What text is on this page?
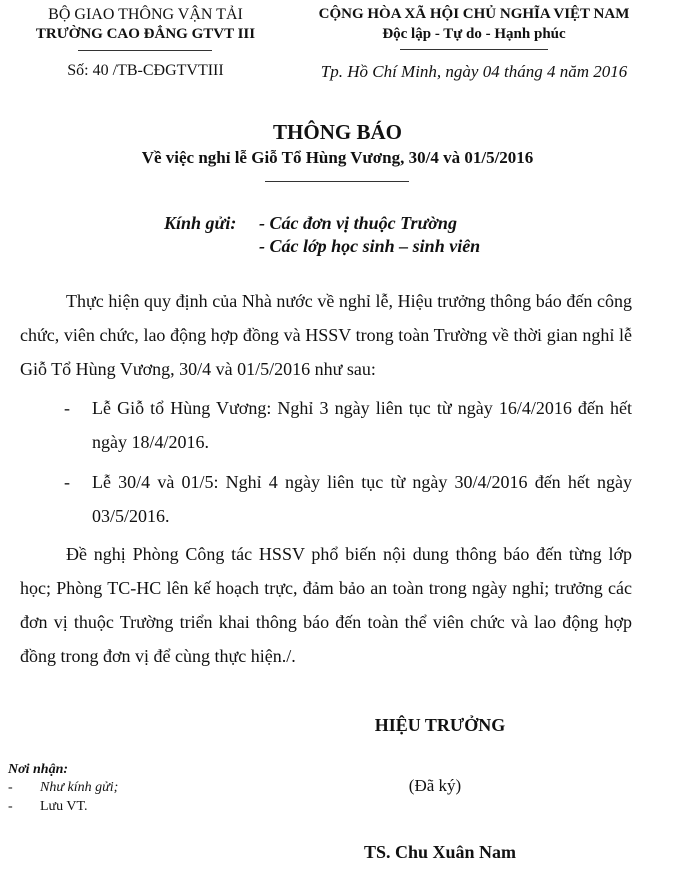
BỘ GIAO THÔNG VẬN TẢI
TRƯỜNG CAO ĐẲNG GTVT III
Số: 40 /TB-CĐGTVTIII
CỘNG HÒA XÃ HỘI CHỦ NGHĨA VIỆT NAM
Độc lập - Tự do - Hạnh phúc
Tp. Hồ Chí Minh, ngày 04 tháng 4 năm 2016
THÔNG BÁO
Về việc nghỉ lễ Giỗ Tổ Hùng Vương, 30/4 và 01/5/2016
Kính gửi: - Các đơn vị thuộc Trường
- Các lớp học sinh – sinh viên
Thực hiện quy định của Nhà nước về nghỉ lễ, Hiệu trưởng thông báo đến công chức, viên chức, lao động hợp đồng và HSSV trong toàn Trường về thời gian nghỉ lễ Giỗ Tổ Hùng Vương, 30/4 và 01/5/2016 như sau:
- Lễ Giỗ tổ Hùng Vương: Nghỉ 3 ngày liên tục từ ngày 16/4/2016 đến hết ngày 18/4/2016.
- Lễ 30/4 và 01/5: Nghỉ 4 ngày liên tục từ ngày 30/4/2016 đến hết ngày 03/5/2016.
Đề nghị Phòng Công tác HSSV phổ biến nội dung thông báo đến từng lớp học; Phòng TC-HC lên kế hoạch trực, đảm bảo an toàn trong ngày nghỉ; trưởng các đơn vị thuộc Trường triển khai thông báo đến toàn thể viên chức và lao động hợp đồng trong đơn vị để cùng thực hiện./.
HIỆU TRƯỞNG
(Đã ký)
TS. Chu Xuân Nam
Nơi nhận:
- Như kính gửi;
- Lưu VT.
